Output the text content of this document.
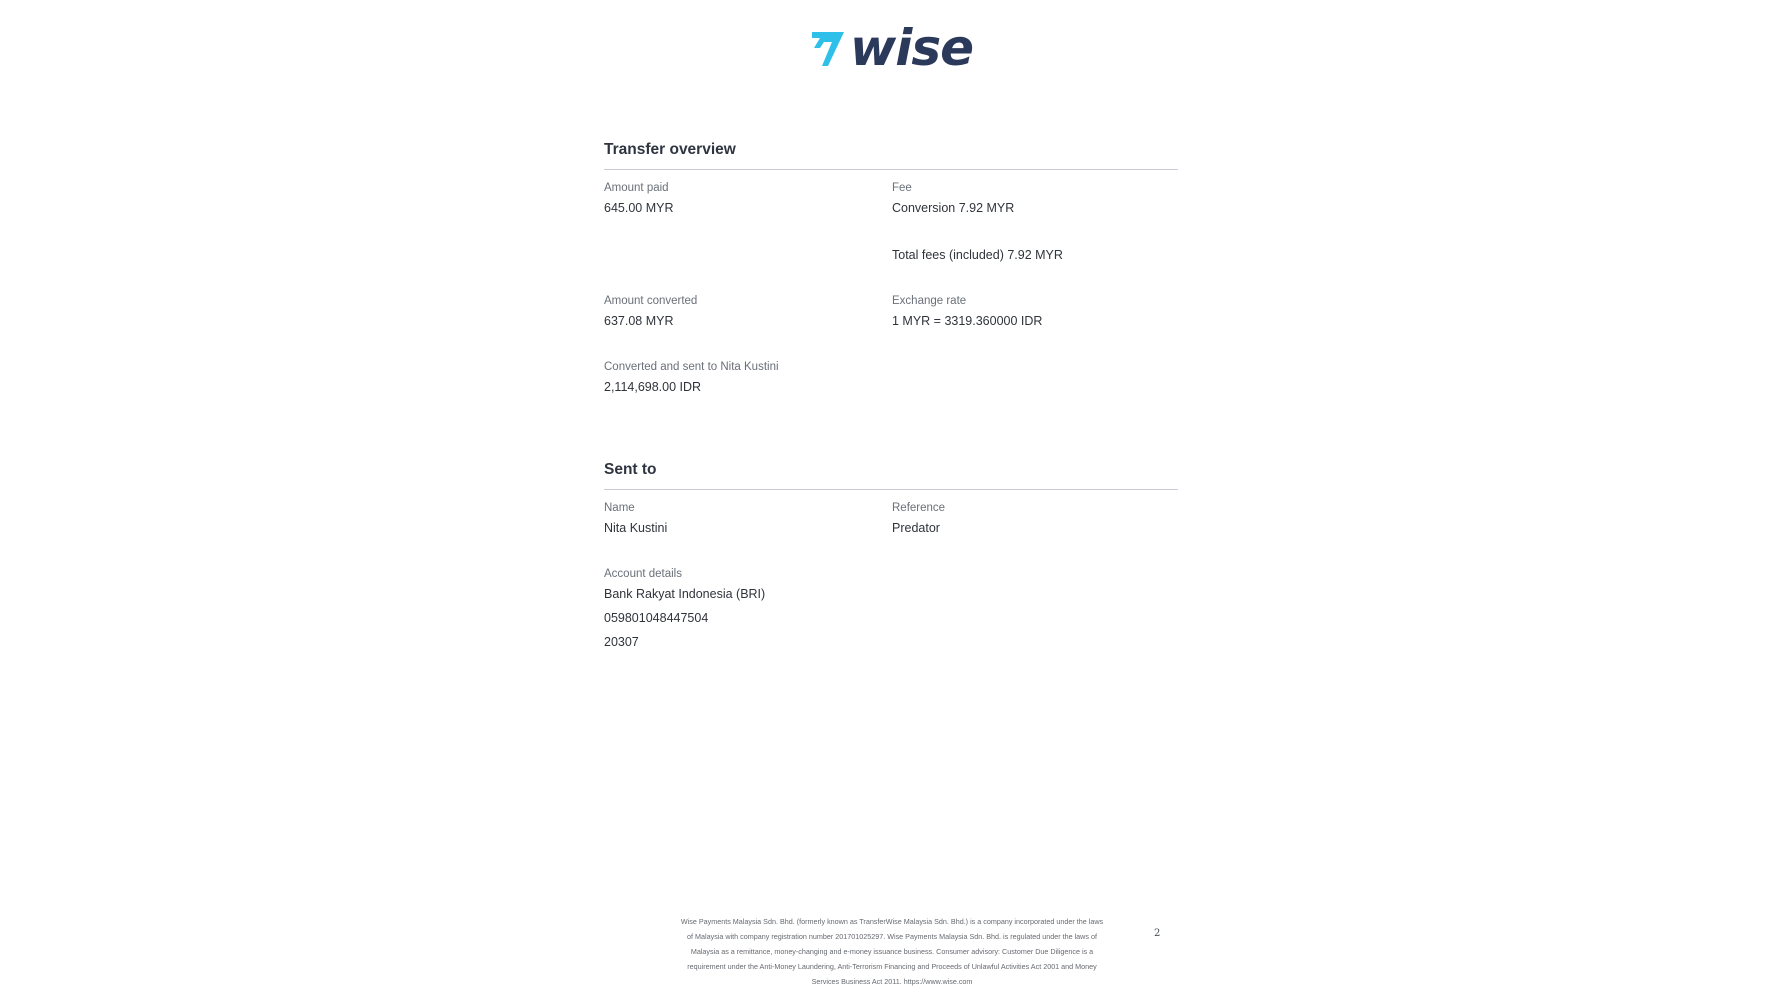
wise
Transfer overview
Amount paid
645.00 MYR
Fee
Conversion 7.92 MYR
Total fees (included) 7.92 MYR
Amount converted
637.08 MYR
Exchange rate
1 MYR = 3319.360000 IDR
Converted and sent to Nita Kustini
2,114,698.00 IDR
Sent to
Name
Nita Kustini
Reference
Predator
Account details
Bank Rakyat Indonesia (BRI)
059801048447504
20307
Wise Payments Malaysia Sdn. Bhd. (formerly known as TransferWise Malaysia Sdn. Bhd.) is a company incorporated under the laws
of Malaysia with company registration number 201701025297. Wise Payments Malaysia Sdn. Bhd. is regulated under the laws of
Malaysia as a remittance, money-changing and e-money issuance business. Consumer advisory: Customer Due Diligence is a
requirement under the Anti-Money Laundering, Anti-Terrorism Financing and Proceeds of Unlawful Activities Act 2001 and Money
Services Business Act 2011. https://www.wise.com
2
